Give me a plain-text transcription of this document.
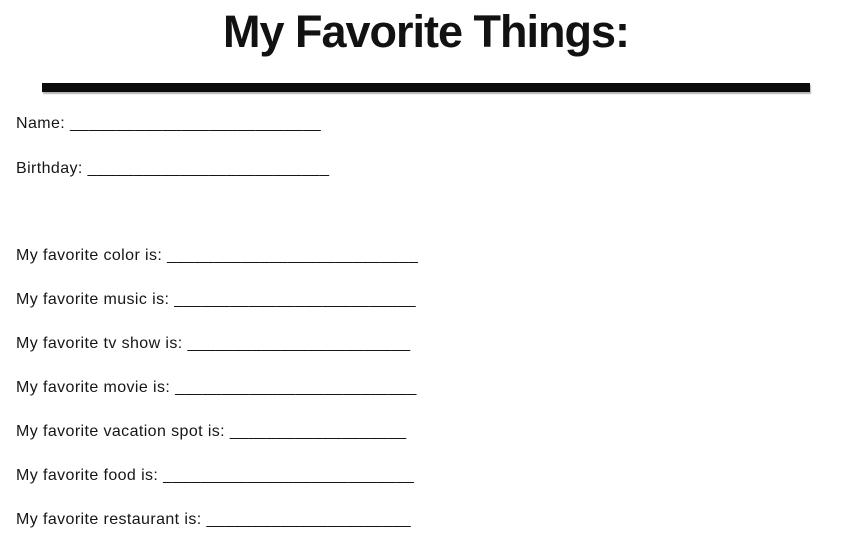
My Favorite Things:
Name: ___________________________
Birthday: __________________________
My favorite color is: ___________________________
My favorite music is: __________________________
My favorite tv show is: ________________________
My favorite movie is: __________________________
My favorite vacation spot is: ___________________
My favorite food is: ___________________________
My favorite restaurant is: ______________________
